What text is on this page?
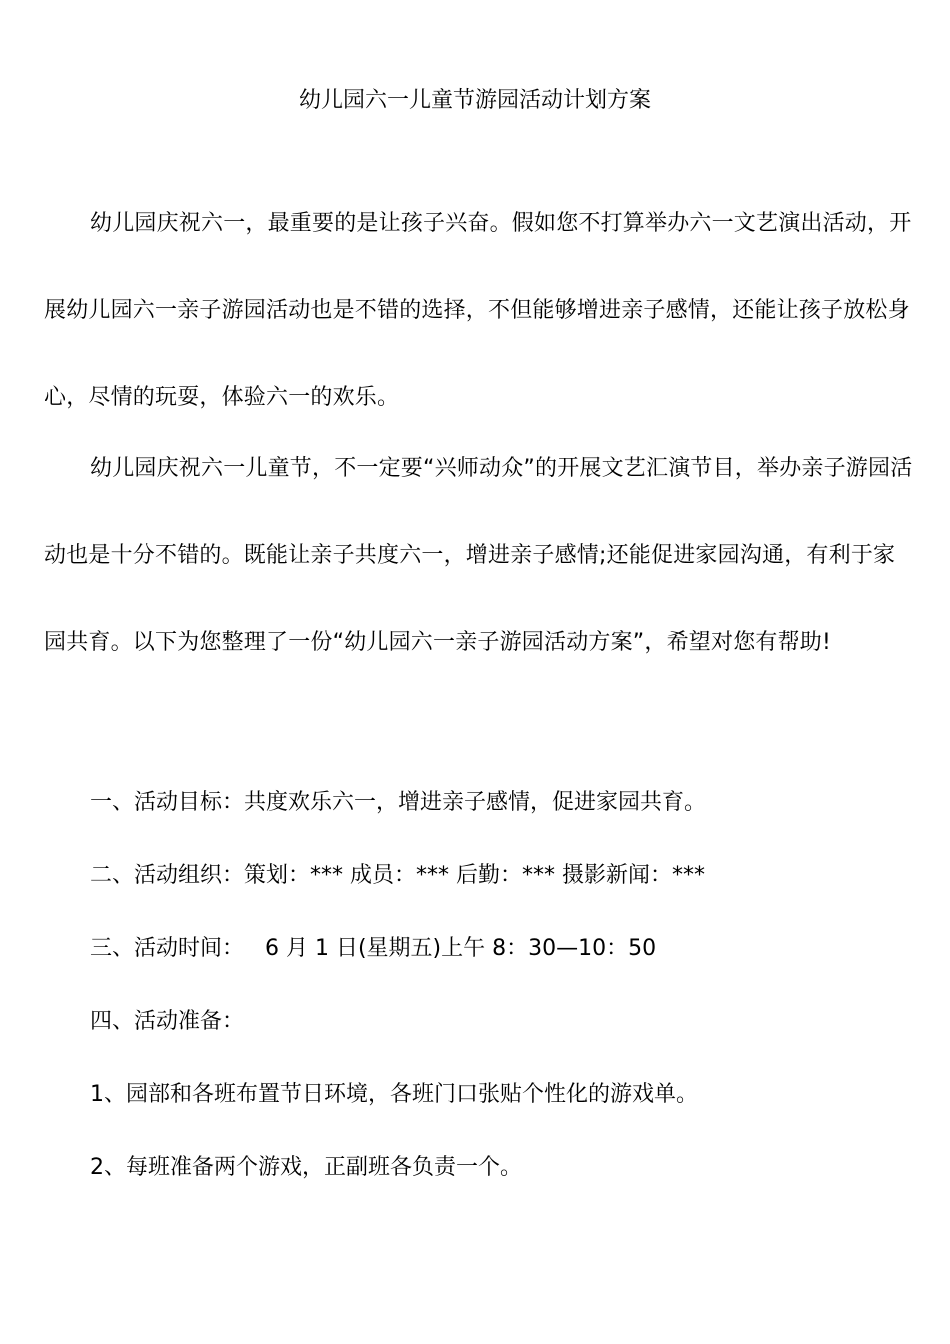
幼儿园六一儿童节游园活动计划方案

幼儿园庆祝六一，最重要的是让孩子兴奋。假如您不打算举办六一文艺演出活动，开展幼儿园六一亲子游园活动也是不错的选择，不但能够增进亲子感情，还能让孩子放松身心，尽情的玩耍，体验六一的欢乐。

幼儿园庆祝六一儿童节，不一定要“兴师动众”的开展文艺汇演节目，举办亲子游园活动也是十分不错的。既能让亲子共度六一，增进亲子感情;还能促进家园沟通，有利于家园共育。以下为您整理了一份“幼儿园六一亲子游园活动方案”，希望对您有帮助!

一、活动目标：共度欢乐六一，增进亲子感情，促进家园共育。

二、活动组织：策划：*** 成员：*** 后勤：*** 摄影新闻：***

三、活动时间：   6 月 1 日(星期五)上午 8：30—10：50

四、活动准备：

1、园部和各班布置节日环境，各班门口张贴个性化的游戏单。

2、每班准备两个游戏，正副班各负责一个。
